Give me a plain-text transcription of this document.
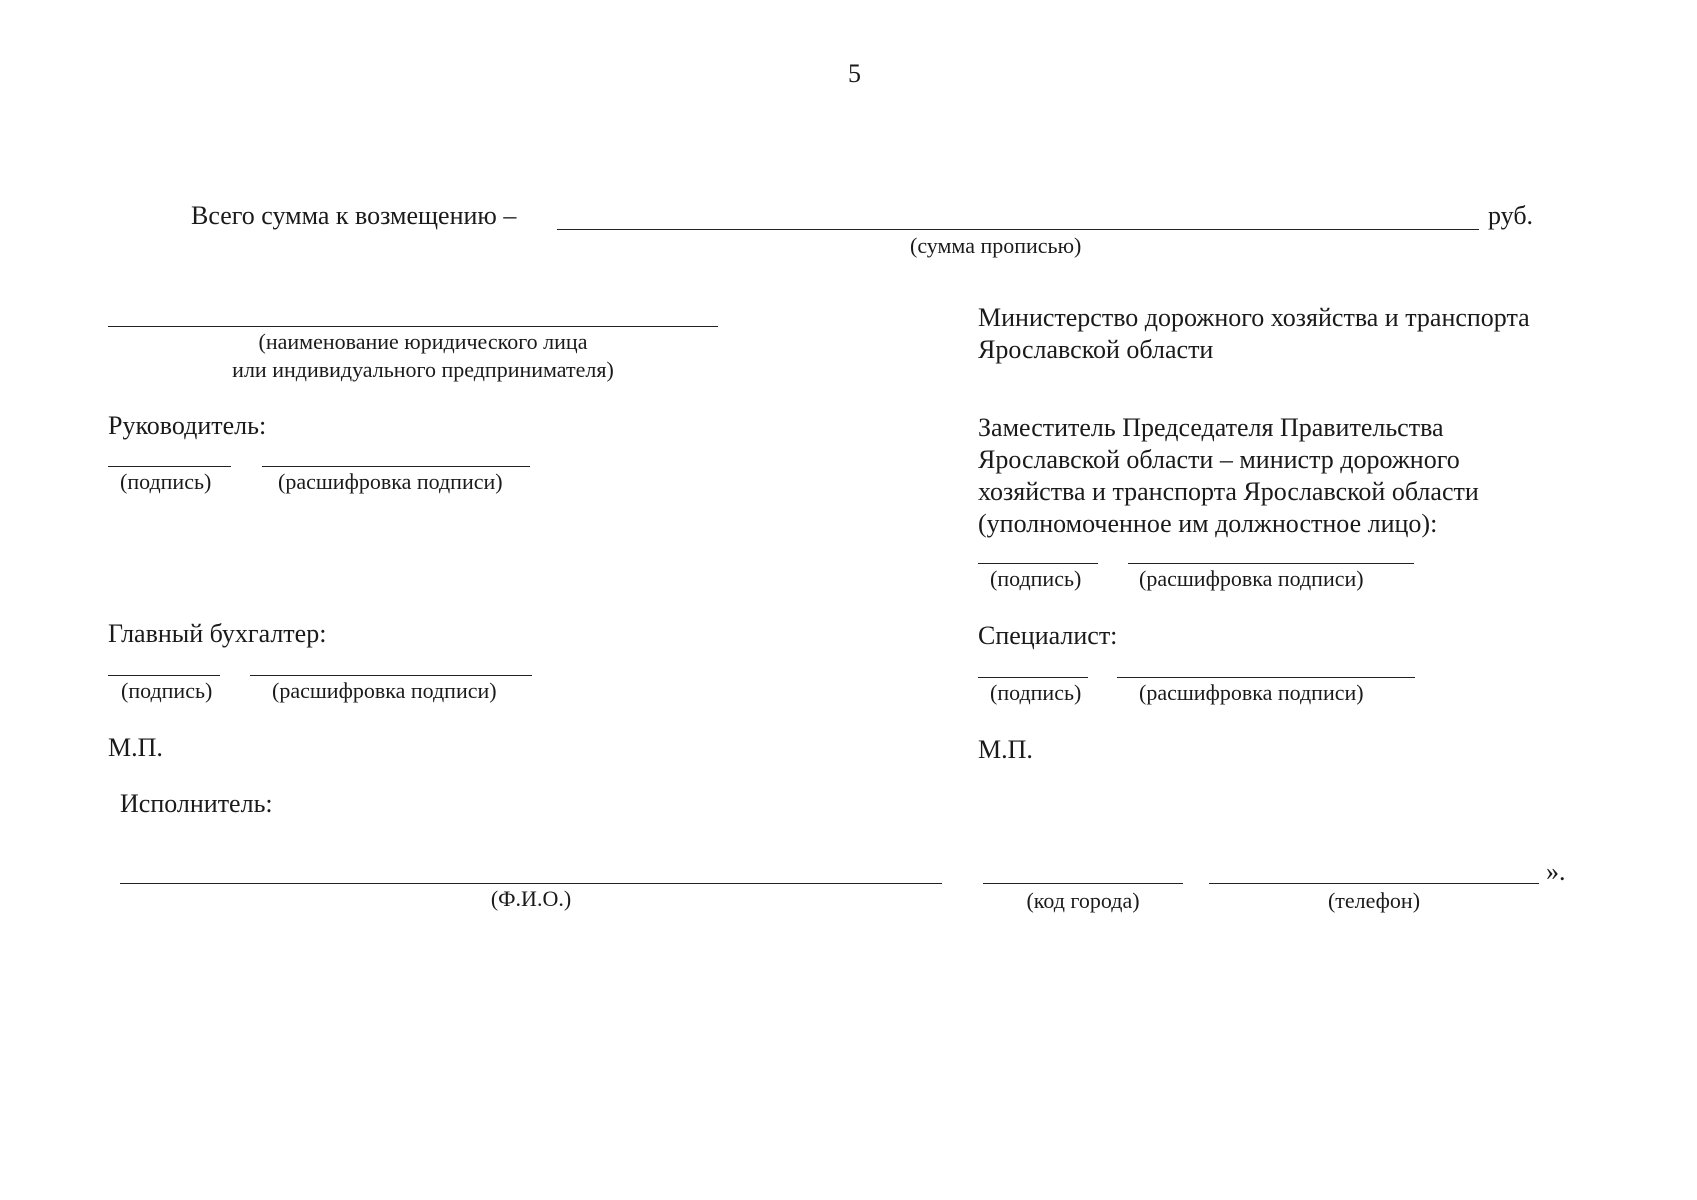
5
Всего сумма к возмещению –	руб.
(сумма прописью)
(наименование юридического лица
или индивидуального предпринимателя)
Руководитель:
(подпись)	(расшифровка подписи)
Главный бухгалтер:
(подпись)	(расшифровка подписи)
М.П.
Министерство дорожного хозяйства и транспорта
Ярославской области
Заместитель Председателя Правительства
Ярославской области – министр дорожного
хозяйства и транспорта Ярославской области
(уполномоченное им должностное лицо):
(подпись)	(расшифровка подписи)
Специалист:
(подпись)	(расшифровка подписи)
М.П.
Исполнитель:
(Ф.И.О.)	(код города)	(телефон)
».
